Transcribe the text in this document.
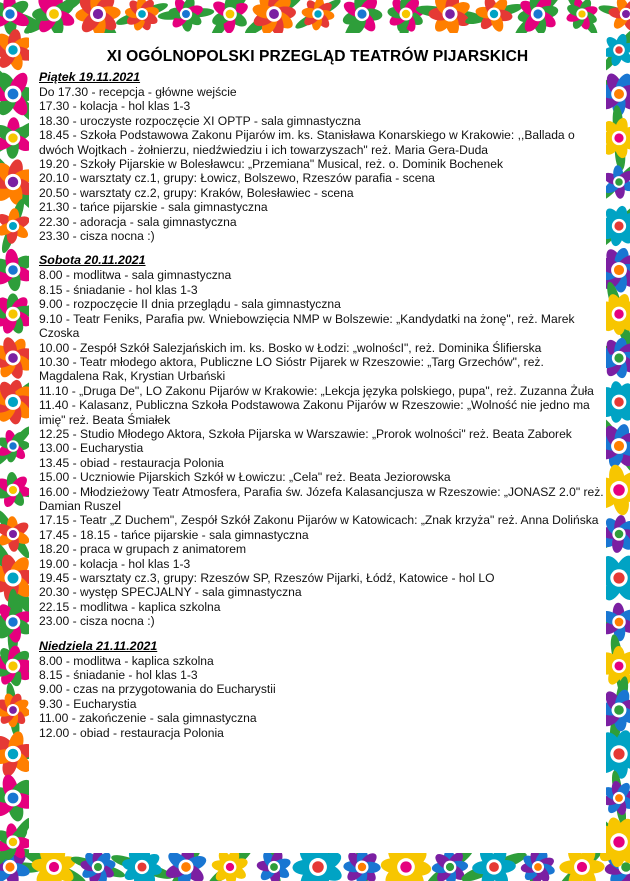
XI OGÓLNOPOLSKI PRZEGLĄD TEATRÓW PIJARSKICH
Piątek 19.11.2021
Do 17.30 - recepcja - główne wejście
17.30 - kolacja - hol klas 1-3
18.30 - uroczyste rozpoczęcie XI OPTP - sala gimnastyczna
18.45 - Szkoła Podstawowa Zakonu Pijarów im. ks. Stanisława Konarskiego w Krakowie: ,,Ballada o dwóch Wojtkach - żołnierzu, niedźwiedziu i ich towarzyszach" reż. Maria Gera-Duda
19.20 - Szkoły Pijarskie w Bolesławcu: „Przemiana" Musical, reż. o. Dominik Bochenek
20.10 - warsztaty cz.1, grupy: Łowicz, Bolszewo, Rzeszów parafia - scena
20.50 - warsztaty cz.2, grupy: Kraków, Bolesławiec - scena
21.30 - tańce pijarskie - sala gimnastyczna
22.30 - adoracja - sala gimnastyczna
23.30 - cisza nocna :)
Sobota 20.11.2021
8.00 - modlitwa - sala gimnastyczna
8.15 - śniadanie - hol klas 1-3
9.00 - rozpoczęcie II dnia przeglądu - sala gimnastyczna
9.10 - Teatr Feniks, Parafia pw. Wniebowzięcia NMP w Bolszewie: „Kandydatki na żonę", reż. Marek Czoska
10.00 - Zespół Szkół Salezjańskich im. ks. Bosko w Łodzi: „wolnoścI", reż. Dominika Ślifierska
10.30 - Teatr młodego aktora, Publiczne LO Sióstr Pijarek w Rzeszowie: „Targ Grzechów", reż. Magdalena Rak, Krystian Urbański
11.10 - „Druga De", LO Zakonu Pijarów w Krakowie: „Lekcja języka polskiego, pupa", reż. Zuzanna Żuła
11.40 - Kalasanz, Publiczna Szkoła Podstawowa Zakonu Pijarów w Rzeszowie: „Wolność nie jedno ma imię" reż. Beata Śmiałek
12.25 - Studio Młodego Aktora, Szkoła Pijarska w Warszawie: „Prorok wolności" reż. Beata Zaborek
13.00 - Eucharystia
13.45 - obiad - restauracja Polonia
15.00 - Uczniowie Pijarskich Szkół w Łowiczu: „Cela" reż. Beata Jeziorowska
16.00 - Młodzieżowy Teatr Atmosfera, Parafia św. Józefa Kalasancjusza w Rzeszowie: „JONASZ 2.0" reż. Damian Ruszel
17.15 - Teatr „Z Duchem", Zespół Szkół Zakonu Pijarów w Katowicach: „Znak krzyża" reż. Anna Dolińska
17.45 - 18.15 - tańce pijarskie - sala gimnastyczna
18.20 - praca w grupach z animatorem
19.00 - kolacja - hol klas 1-3
19.45 - warsztaty cz.3, grupy: Rzeszów SP, Rzeszów Pijarki, Łódź, Katowice - hol LO
20.30 - występ SPECJALNY - sala gimnastyczna
22.15 - modlitwa - kaplica szkolna
23.00 - cisza nocna :)
Niedziela 21.11.2021
8.00 - modlitwa - kaplica szkolna
8.15 - śniadanie - hol klas 1-3
9.00 - czas na przygotowania do Eucharystii
9.30 - Eucharystia
11.00 - zakończenie - sala gimnastyczna
12.00 - obiad - restauracja Polonia
